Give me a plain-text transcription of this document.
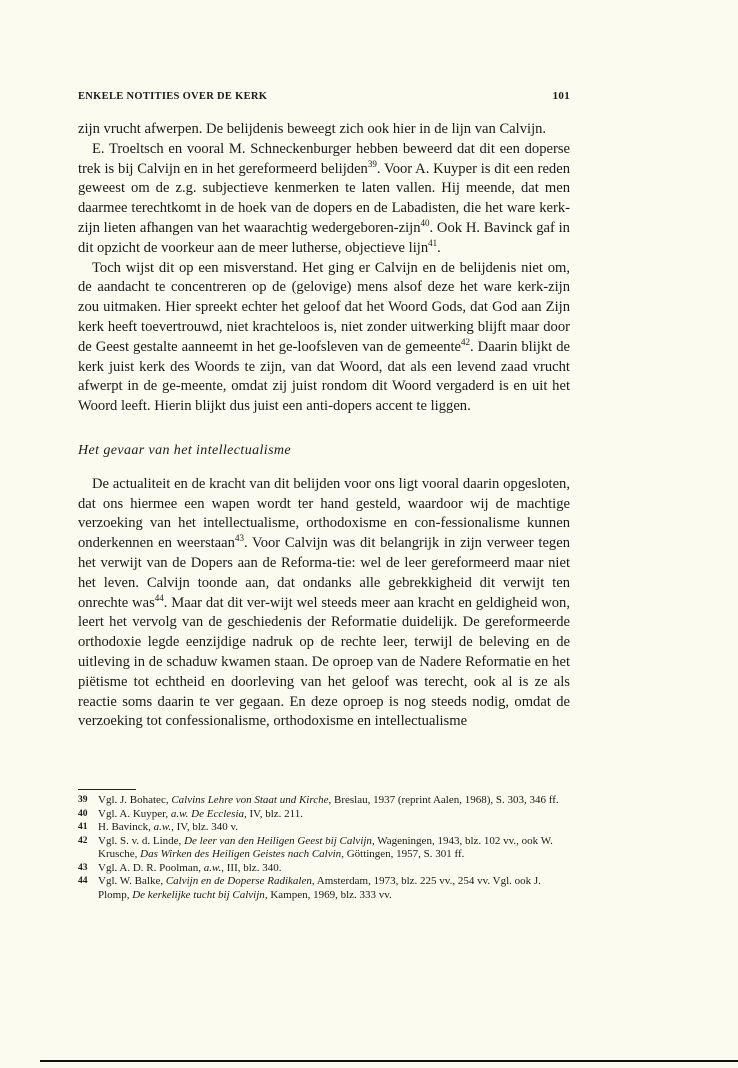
ENKELE NOTITIES OVER DE KERK	101

zijn vrucht afwerpen. De belijdenis beweegt zich ook hier in de lijn van Calvijn.

E. Troeltsch en vooral M. Schneckenburger hebben beweerd dat dit een doperse trek is bij Calvijn en in het gereformeerd belijden$^{39}$. Voor A. Kuyper is dit een reden geweest om de z.g. subjectieve kenmerken te laten vallen. Hij meende, dat men daarmee terechtkomt in de hoek van de dopers en de Labadisten, die het ware kerk-zijn lieten afhangen van het waarachtig wedergeboren-zijn$^{40}$. Ook H. Bavinck gaf in dit opzicht de voorkeur aan de meer lutherse, objectieve lijn$^{41}$.

Toch wijst dit op een misverstand. Het ging er Calvijn en de belijdenis niet om, de aandacht te concentreren op de (gelovige) mens alsof deze het ware kerk-zijn zou uitmaken. Hier spreekt echter het geloof dat het Woord Gods, dat God aan Zijn kerk heeft toevertrouwd, niet krachteloos is, niet zonder uitwerking blijft maar door de Geest gestalte aanneemt in het ge-loofsleven van de gemeente$^{42}$. Daarin blijkt de kerk juist kerk des Woords te zijn, van dat Woord, dat als een levend zaad vrucht afwerpt in de ge-meente, omdat zij juist rondom dit Woord vergaderd is en uit het Woord leeft. Hierin blijkt dus juist een anti-dopers accent te liggen.

Het gevaar van het intellectualisme

De actualiteit en de kracht van dit belijden voor ons ligt vooral daarin opgesloten, dat ons hiermee een wapen wordt ter hand gesteld, waardoor wij de machtige verzoeking van het intellectualisme, orthodoxisme en con-fessionalisme kunnen onderkennen en weerstaan$^{43}$. Voor Calvijn was dit belangrijk in zijn verweer tegen het verwijt van de Dopers aan de Reforma-tie: wel de leer gereformeerd maar niet het leven. Calvijn toonde aan, dat ondanks alle gebrekkigheid dit verwijt ten onrechte was$^{44}$. Maar dat dit ver-wijt wel steeds meer aan kracht en geldigheid won, leert het vervolg van de geschiedenis der Reformatie duidelijk. De gereformeerde orthodoxie legde eenzijdige nadruk op de rechte leer, terwijl de beleving en de uitleving in de schaduw kwamen staan. De oproep van de Nadere Reformatie en het piëtisme tot echtheid en doorleving van het geloof was terecht, ook al is ze als reactie soms daarin te ver gegaan. En deze oproep is nog steeds nodig, omdat de verzoeking tot confessionalisme, orthodoxisme en intellectualisme

39 Vgl. J. Bohatec, Calvins Lehre von Staat und Kirche, Breslau, 1937 (reprint Aalen, 1968), S. 303, 346 ff.
40 Vgl. A. Kuyper, a.w. De Ecclesia, IV, blz. 211.
41 H. Bavinck, a.w., IV, blz. 340 v.
42 Vgl. S. v. d. Linde, De leer van den Heiligen Geest bij Calvijn, Wageningen, 1943, blz. 102 vv., ook W. Krusche, Das Wirken des Heiligen Geistes nach Calvin, Göttingen, 1957, S. 301 ff.
43 Vgl. A. D. R. Poolman, a.w., III, blz. 340.
44 Vgl. W. Balke, Calvijn en de Doperse Radikalen, Amsterdam, 1973, blz. 225 vv., 254 vv. Vgl. ook J. Plomp, De kerkelijke tucht bij Calvijn, Kampen, 1969, blz. 333 vv.
